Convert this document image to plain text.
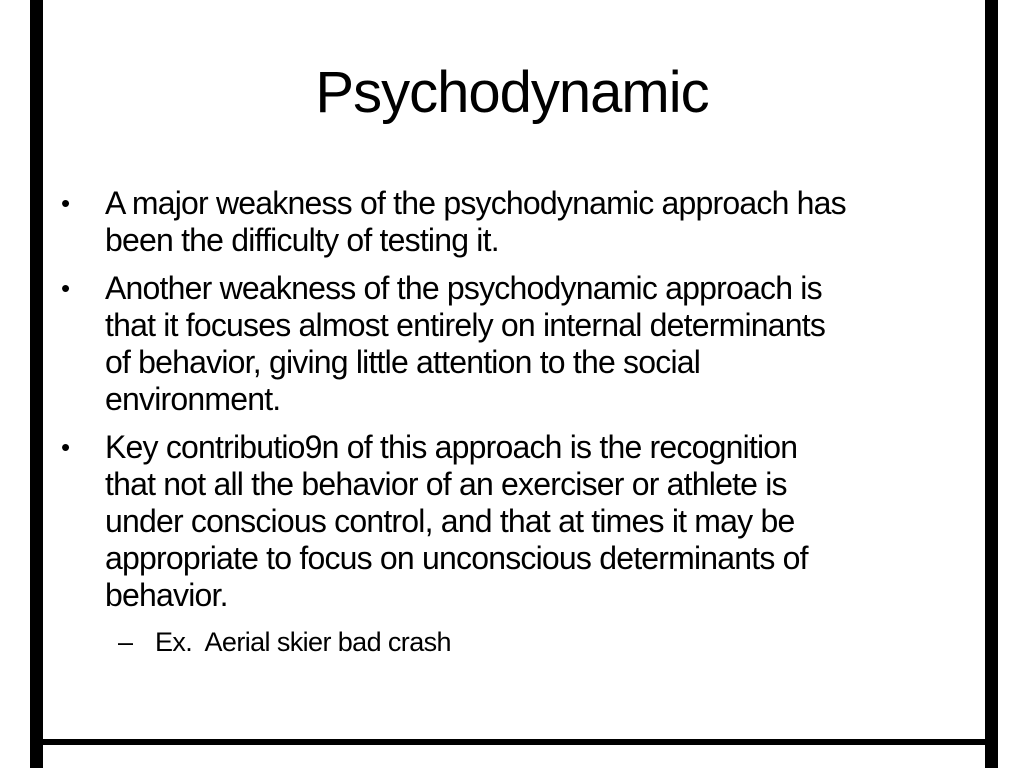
Psychodynamic
•	A major weakness of the psychodynamic approach has
been the difficulty of testing it.
•	Another weakness of the psychodynamic approach is
that it focuses almost entirely on internal determinants
of behavior, giving little attention to the social
environment.
•	Key contributio9n of this approach is the recognition
that not all the behavior of an exerciser or athlete is
under conscious control, and that at times it may be
appropriate to focus on unconscious determinants of
behavior.
– Ex.  Aerial skier bad crash
